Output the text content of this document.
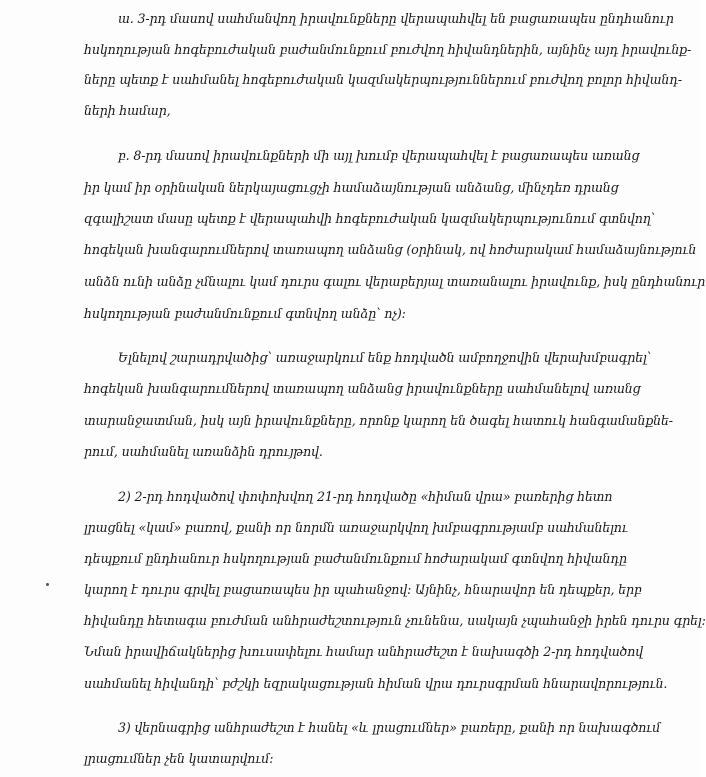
ա. 3-րդ մասով սահմանվող իրավունքները վերապահվել են բացառապես ընդհանուր
հսկողության հոգեբուժական բաժանմունքում բուժվող հիվանդներին, այնինչ այդ իրավունք-
ները պետք է սահմանել հոգեբուժական կազմակերպություններում բուժվող բոլոր հիվանդ-
ների համար,
բ. 8-րդ մասով իրավունքների մի այլ խումբ վերապահվել է բացառապես առանց
իր կամ իր օրինական ներկայացուցչի համաձայնության անձանց, մինչդեռ դրանց
զգալիշատ մասը պետք է վերապահվի հոգեբուժական կազմակերպությունում գտնվող՝
հոգեկան խանգարումներով տառապող անձանց (օրինակ, ով հոժարակամ համաձայնություն
անձն ունի անձը չմնալու կամ դուրս գալու վերաբերյալ տառանալու իրավունք, իսկ ընդհանուր
հսկողության բաժանմունքում գտնվող անձը՝ ոչ):
Ելնելով շարադրվածից՝ առաջարկում ենք հոդվածն ամբողջովին վերախմբագրել՝
հոգեկան խանգարումներով տառապող անձանց իրավունքները սահմանելով առանց
տարանջատման, իսկ այն իրավունքները, որոնք կարող են ծագել հատուկ հանգամանքնե-
րում, սահմանել առանձին դրույթով.
2) 2-րդ հոդվածով փոփոխվող 21-րդ հոդվածը «հիման վրա» բառերից հետո
լրացնել «կամ» բառով, քանի որ նորմն առաջարկվող խմբագրությամբ սահմանելու
դեպքում ընդհանուր հսկողության բաժանմունքում հոժարակամ գտնվող հիվանդը
կարող է դուրս գրվել բացառապես իր պահանջով: Այնինչ, հնարավոր են դեպքեր, երբ
հիվանդը հետագա բուժման անհրաժեշտություն չունենա, սակայն չպահանջի իրեն դուրս գրել:
Նման իրավիճակներից խուսափելու համար անհրաժեշտ է նախագծի 2-րդ հոդվածով
սահմանել հիվանդի՝ բժշկի եզրակացության հիման վրա դուրսգրման հնարավորություն.
3) վերնագրից անհրաժեշտ է հանել «և լրացումներ» բառերը, քանի որ նախագծում
լրացումներ չեն կատարվում:
